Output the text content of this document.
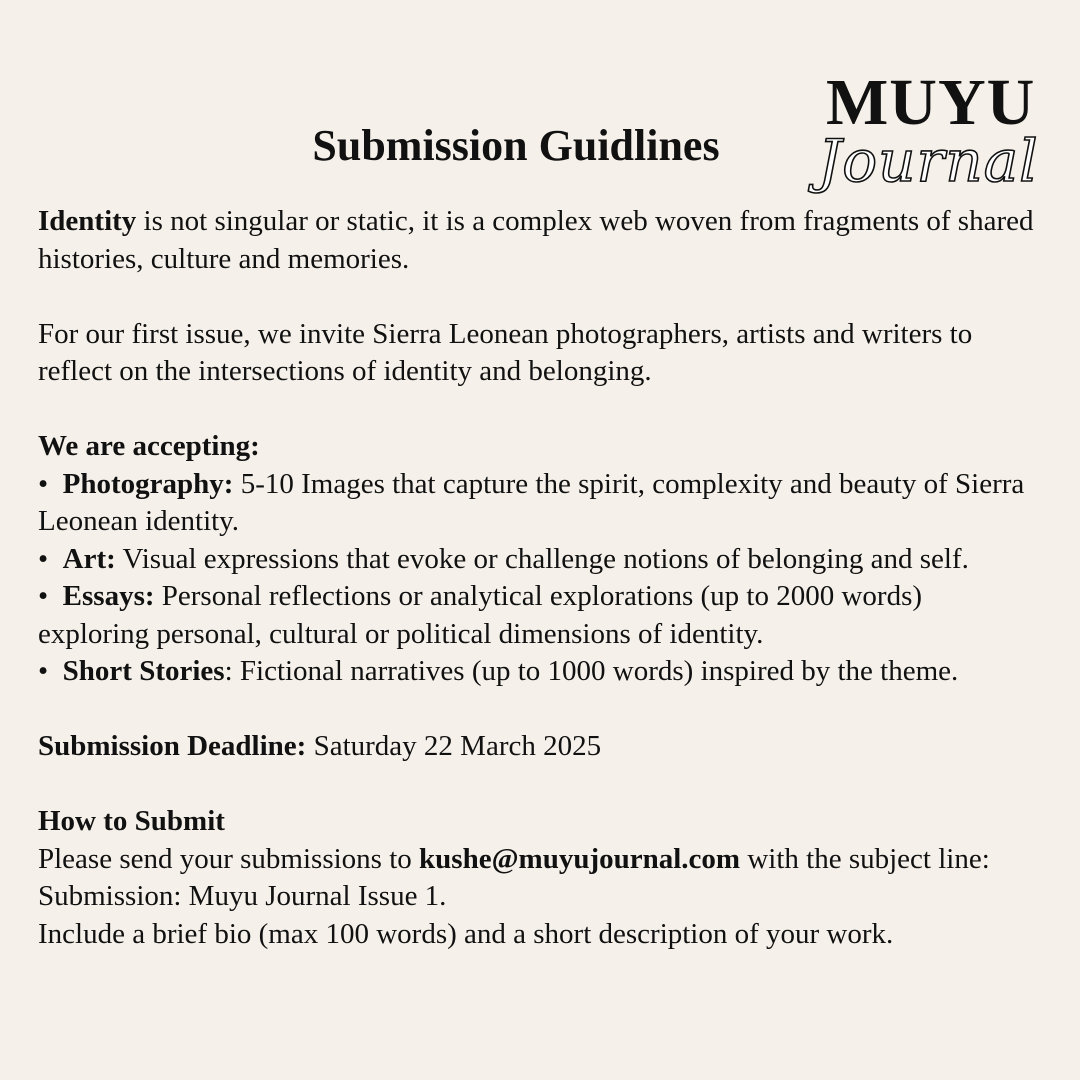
MUYU
Journal
Submission Guidlines

Identity is not singular or static, it is a complex web woven from fragments of shared histories, culture and memories.

For our first issue, we invite Sierra Leonean photographers, artists and writers to reflect on the intersections of identity and belonging.

We are accepting:

• Photography: 5-10 Images that capture the spirit, complexity and beauty of Sierra Leonean identity.

• Art: Visual expressions that evoke or challenge notions of belonging and self.

• Essays: Personal reflections or analytical explorations (up to 2000 words) exploring personal, cultural or political dimensions of identity.

• Short Stories: Fictional narratives (up to 1000 words) inspired by the theme.

Submission Deadline: Saturday 22 March 2025

How to Submit

Please send your submissions to kushe@muyujournal.com with the subject line: Submission: Muyu Journal Issue 1.

Include a brief bio (max 100 words) and a short description of your work.
